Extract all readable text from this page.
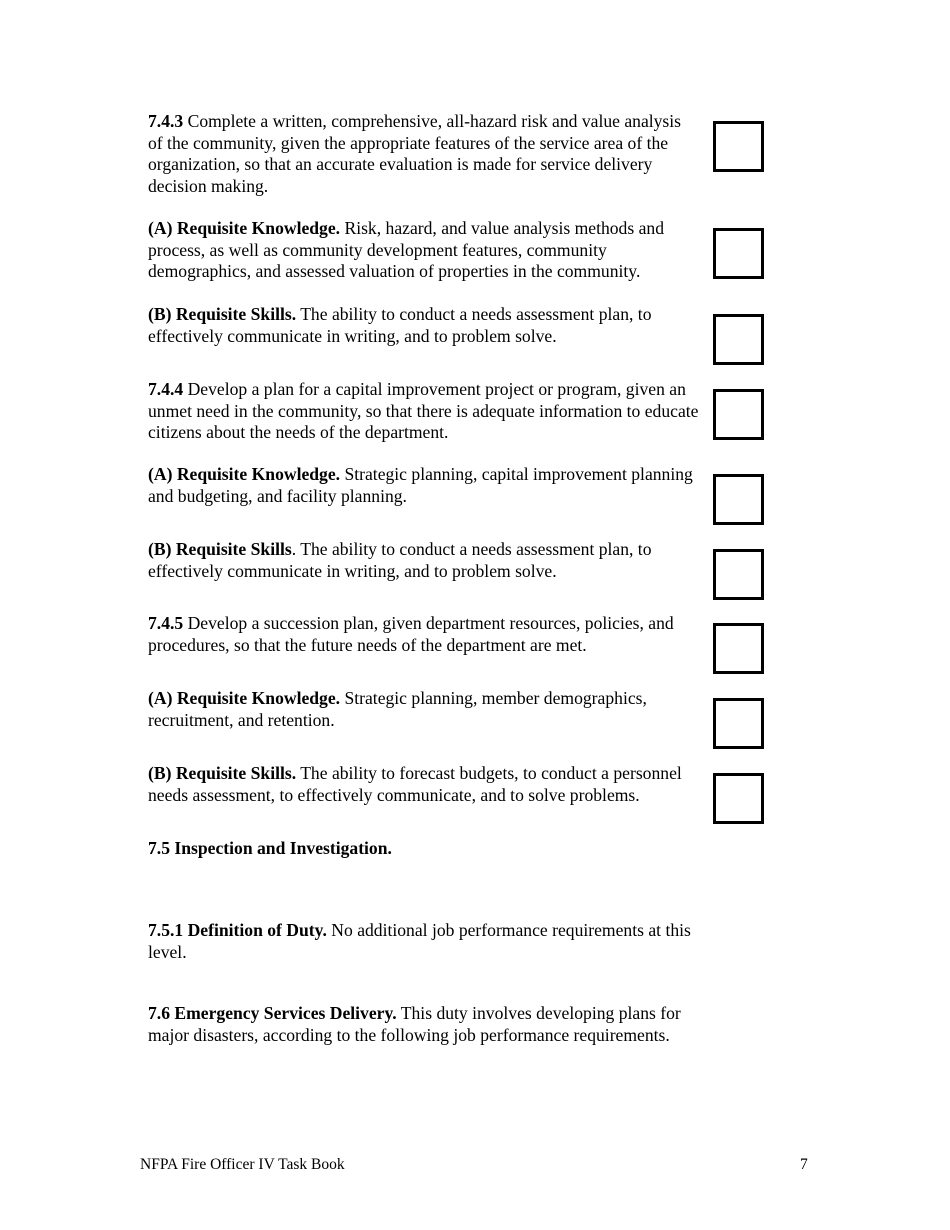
7.4.3 Complete a written, comprehensive, all-hazard risk and value analysis of the community, given the appropriate features of the service area of the organization, so that an accurate evaluation is made for service delivery decision making.
(A) Requisite Knowledge. Risk, hazard, and value analysis methods and process, as well as community development features, community demographics, and assessed valuation of properties in the community.
(B) Requisite Skills. The ability to conduct a needs assessment plan, to effectively communicate in writing, and to problem solve.
7.4.4 Develop a plan for a capital improvement project or program, given an unmet need in the community, so that there is adequate information to educate citizens about the needs of the department.
(A) Requisite Knowledge. Strategic planning, capital improvement planning and budgeting, and facility planning.
(B) Requisite Skills. The ability to conduct a needs assessment plan, to effectively communicate in writing, and to problem solve.
7.4.5 Develop a succession plan, given department resources, policies, and procedures, so that the future needs of the department are met.
(A) Requisite Knowledge. Strategic planning, member demographics, recruitment, and retention.
(B) Requisite Skills. The ability to forecast budgets, to conduct a personnel needs assessment, to effectively communicate, and to solve problems.
7.5 Inspection and Investigation.
7.5.1 Definition of Duty. No additional job performance requirements at this level.
7.6 Emergency Services Delivery. This duty involves developing plans for major disasters, according to the following job performance requirements.
NFPA Fire Officer IV Task Book	7
